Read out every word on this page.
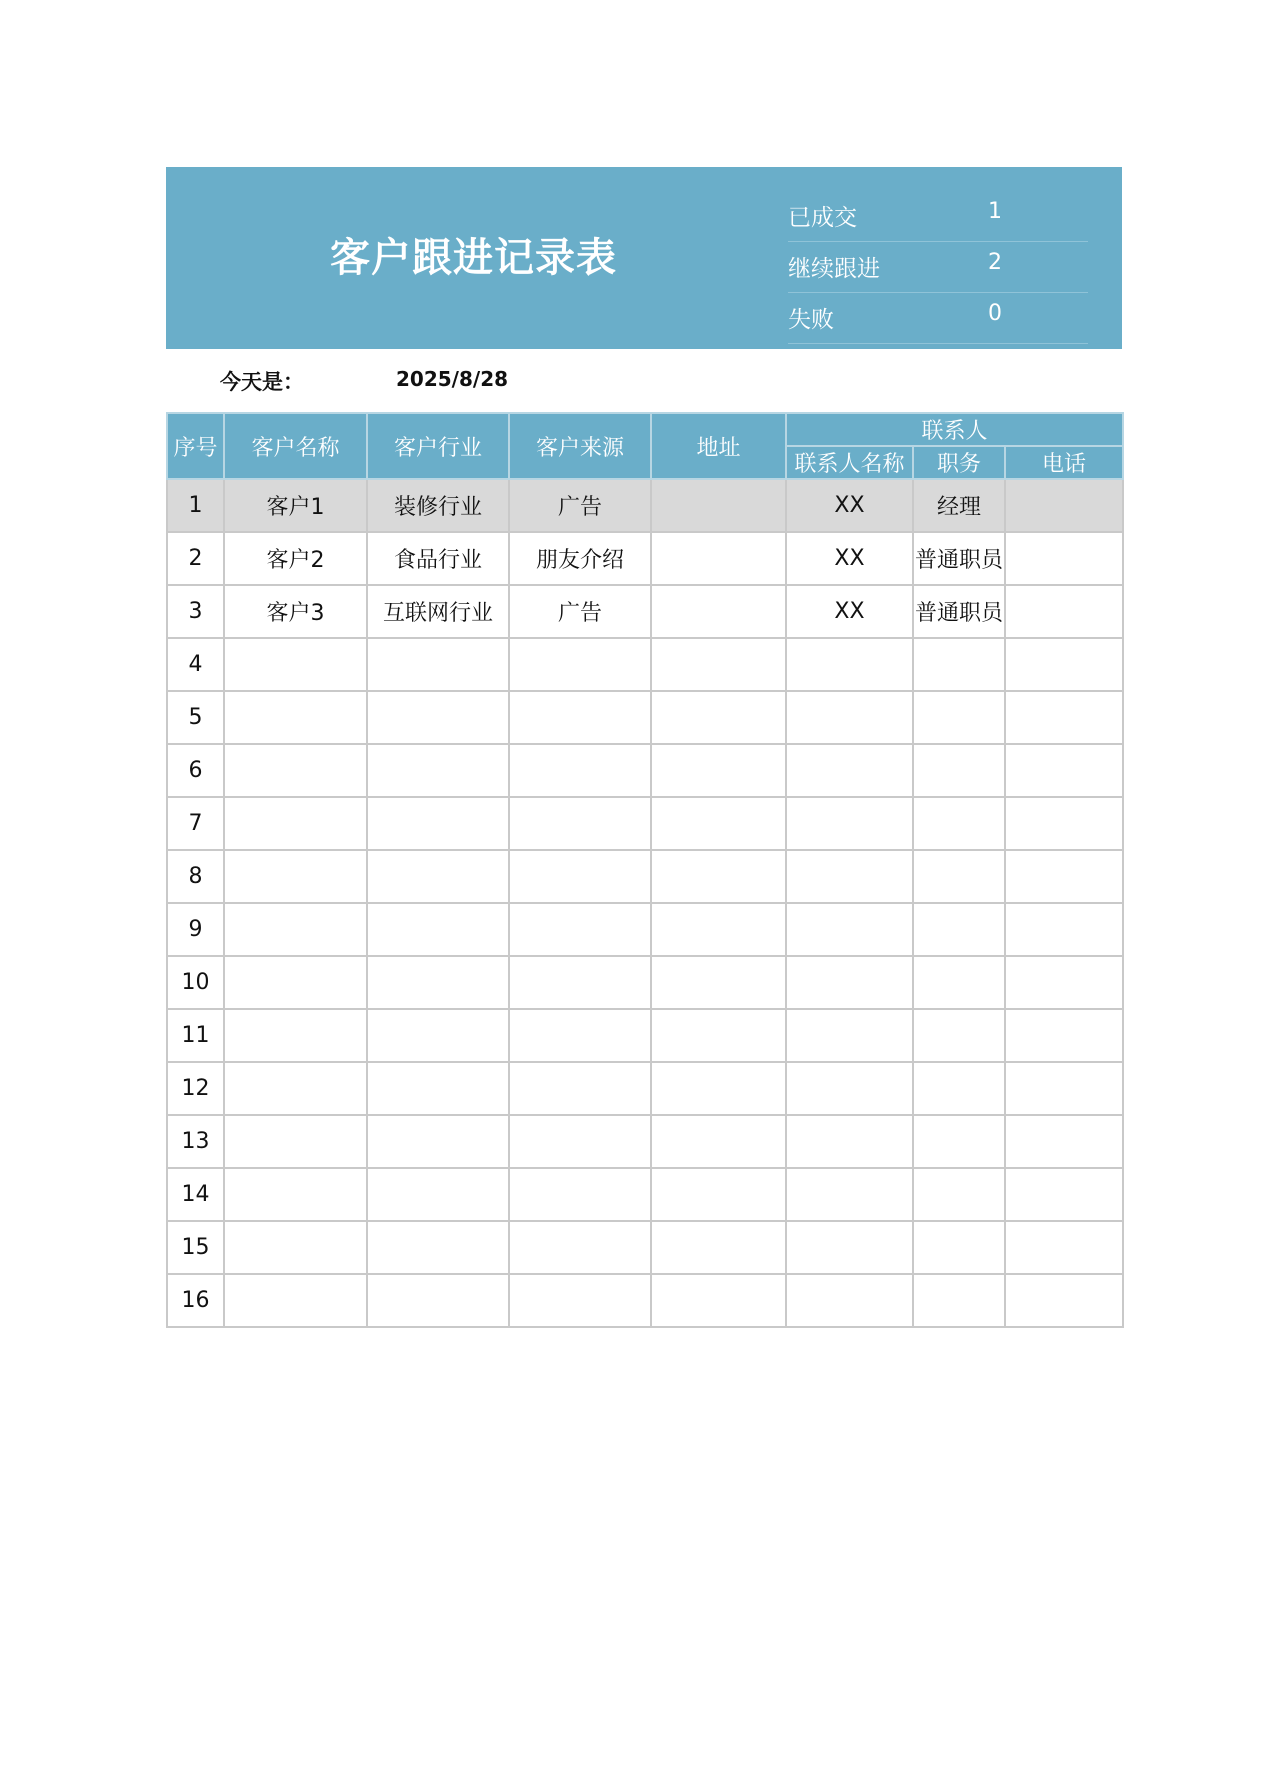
客户跟进记录表
已成交	1
继续跟进	2
失败	0
今天是：	2025/8/28
序号	客户名称	客户行业	客户来源	地址	联系人		
					联系人名称	职务	电话
1	客户1	装修行业	广告		XX	经理	
2	客户2	食品行业	朋友介绍		XX	普通职员	
3	客户3	互联网行业	广告		XX	普通职员	
4							
5							
6							
7							
8							
9							
10							
11							
12							
13							
14							
15							
16							
